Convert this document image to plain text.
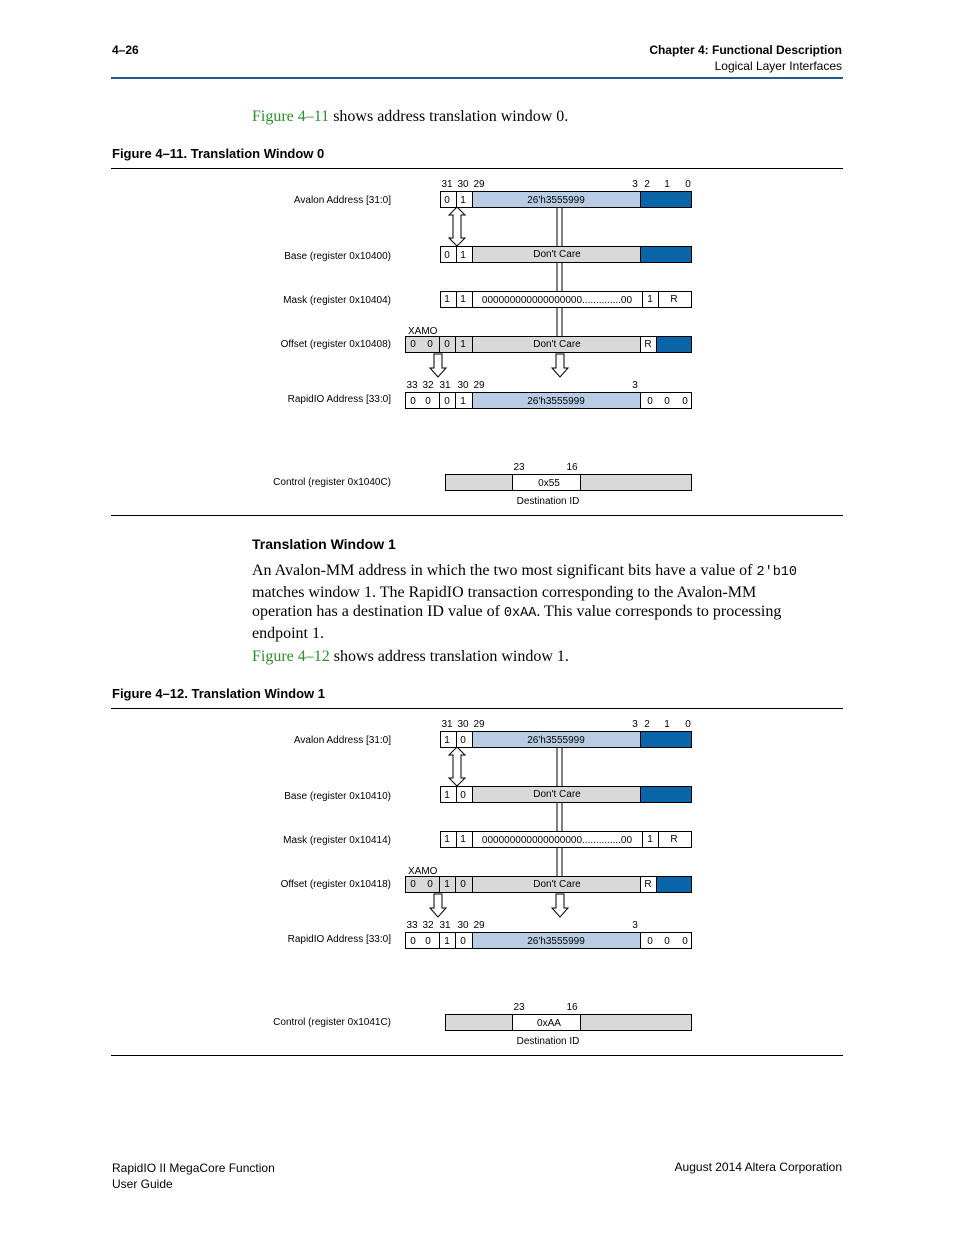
4–26	Chapter 4: Functional Description
Logical Layer Interfaces
Figure 4–11 shows address translation window 0.
Figure 4–11. Translation Window 0
Avalon Address [31:0]
Base (register 0x10400)
Mask (register 0x10404)
Offset (register 0x10408)
RapidIO Address [33:0]
Control (register 0x1040C)
31 30 29	3 2 1 0
0 1	26'h3555999
0 1	Don't Care
1 1 000000000000000000..............00 1 R
XAMO
0 0 0 1	Don't Care	R
33 32 31 30 29	3
0 0 0 1	26'h3555999	0 0 0
23	16
0x55
Destination ID
Translation Window 1
An Avalon-MM address in which the two most significant bits have a value of 2'b10
matches window 1. The RapidIO transaction corresponding to the Avalon-MM
operation has a destination ID value of 0xAA. This value corresponds to processing
endpoint 1.
Figure 4–12 shows address translation window 1.
Figure 4–12. Translation Window 1
Avalon Address [31:0]
Base (register 0x10410)
Mask (register 0x10414)
Offset (register 0x10418)
RapidIO Address [33:0]
Control (register 0x1041C)
31 30 29	3 2 1 0
1 0	26'h3555999
1 0	Don't Care
1 1 000000000000000000..............00 1 R
XAMO
0 0 1 0	Don't Care	R
33 32 31 30 29	3
0 0 1 0	26'h3555999	0 0 0
23	16
0xAA
Destination ID
RapidIO II MegaCore Function
User Guide
August 2014 Altera Corporation
